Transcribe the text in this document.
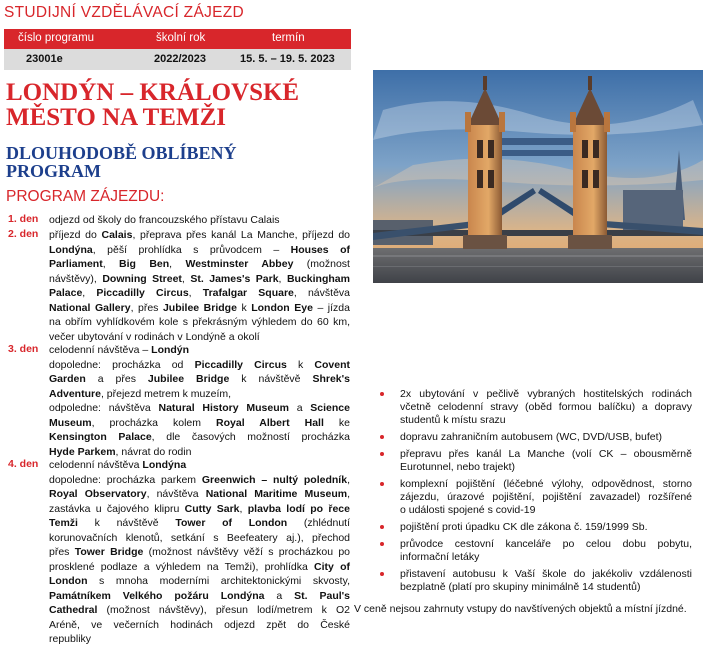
STUDIJNÍ VZDĚLÁVACÍ ZÁJEZD
číslo programu	školní rok	termín
23001e	2022/2023	15. 5. – 19. 5. 2023
LONDÝN – KRÁLOVSKÉ
MĚSTO NA TEMŽI
DLOUHODOBĚ OBLÍBENÝ
PROGRAM
PROGRAM ZÁJEZDU:
1. den odjezd od školy do francouzského přístavu Calais
2. den příjezd do Calais, přeprava přes kanál La Manche, příjezd do
Londýna, pěší prohlídka s průvodcem – Houses of
Parliament, Big Ben, Westminster Abbey (možnost
návštěvy), Downing Street, St. James's Park, Buckingham
Palace, Piccadilly Circus, Trafalgar Square, návštěva
National Gallery, přes Jubilee Bridge k London Eye – jízda
na obřím vyhlídkovém kole s překrásným výhledem do 60 km,
večer ubytování v rodinách v Londýně a okolí
3. den celodenní návštěva – Londýn
dopoledne: procházka od Piccadilly Circus k Covent
Garden a přes Jubilee Bridge k návštěvě Shrek's
Adventure, přejezd metrem k muzeím,
odpoledne: návštěva Natural History Museum a Science
Museum, procházka kolem Royal Albert Hall ke
Kensington Palace, dle časových možností procházka
Hyde Parkem, návrat do rodin
4. den celodenní návštěva Londýna
dopoledne: procházka parkem Greenwich – nultý poledník,
Royal Observatory, návštěva National Maritime Museum,
zastávka u čajového klipru Cutty Sark, plavba lodí po řece
Temži k návštěvě Tower of London (zhlédnutí
korunovačních klenotů, setkání s Beefeatery aj.), přechod
přes Tower Bridge (možnost návštěvy věží s procházkou po
prosklené podlaze a výhledem na Temži), prohlídka City of
London s mnoha moderními architektonickými skvosty,
Památníkem Velkého požáru Londýna a St. Paul's
Cathedral (možnost návštěvy), přesun lodí/metrem k O2
Aréně, ve večerních hodinách odjezd zpět do České
republiky
2x ubytování v pečlivě vybraných hostitelských rodinách
včetně celodenní stravy (oběd formou balíčku) a dopravy
studentů k místu srazu
dopravu zahraničním autobusem (WC, DVD/USB, bufet)
přepravu přes kanál La Manche (volí CK – obousměrně
Eurotunnel, nebo trajekt)
komplexní pojištění (léčebné výlohy, odpovědnost, storno
zájezdu, úrazové pojištění, pojištění zavazadel) rozšířené
o události spojené s covid-19
pojištění proti úpadku CK dle zákona č. 159/1999 Sb.
průvodce cestovní kanceláře po celou dobu pobytu,
informační letáky
přistavení autobusu k Vaší škole do jakékoliv vzdálenosti
bezplatně (platí pro skupiny minimálně 14 studentů)
V ceně nejsou zahrnuty vstupy do navštívených objektů a místní jízdné.
